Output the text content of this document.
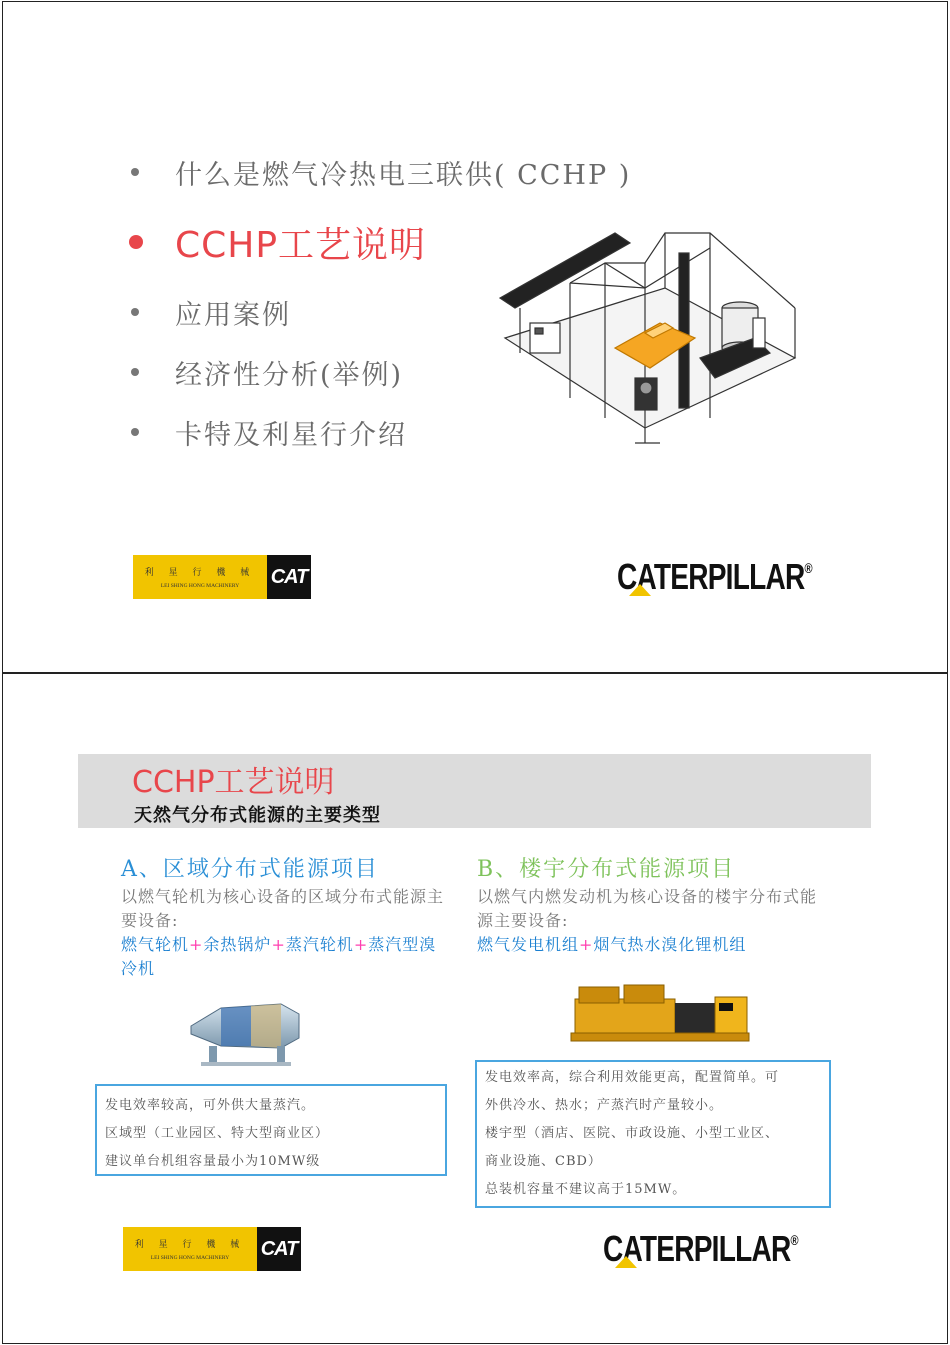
什么是燃气冷热电三联供( CCHP )
CCHP工艺说明
应用案例
经济性分析(举例)
卡特及利星行介绍
利 星 行 機 械
LEI SHING HONG MACHINERY CAT	CATERPILLAR®
CCHP工艺说明
天然气分布式能源的主要类型
A、区域分布式能源项目
以燃气轮机为核心设备的区域分布式能源主要设备:
燃气轮机+余热锅炉+蒸汽轮机+蒸汽型溴冷机
B、楼宇分布式能源项目
以燃气内燃发动机为核心设备的楼宇分布式能源主要设备:
燃气发电机组+烟气热水溴化锂机组
发电效率较高，可外供大量蒸汽。
区域型（工业园区、特大型商业区）
建议单台机组容量最小为10MW级
发电效率高，综合利用效能更高，配置简单。可
外供冷水、热水；产蒸汽时产量较小。
楼宇型（酒店、医院、市政设施、小型工业区、
商业设施、CBD）
总装机容量不建议高于15MW。
利 星 行 機 械
LEI SHING HONG MACHINERY CAT	CATERPILLAR®
